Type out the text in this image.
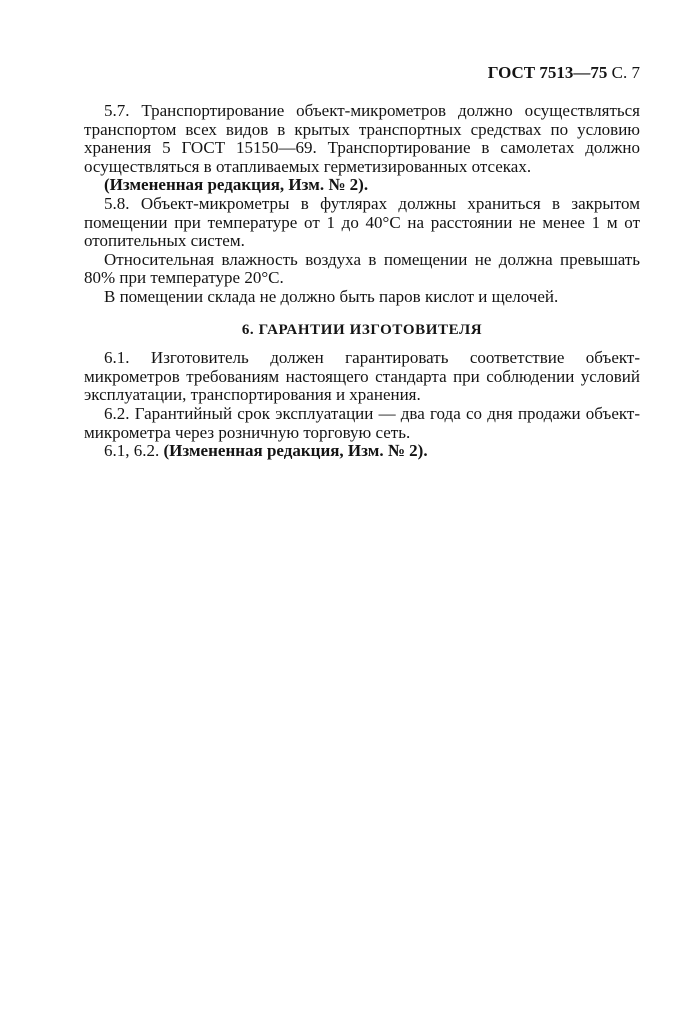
ГОСТ 7513—75 С. 7

5.7. Транспортирование объект-микрометров должно осуществляться транспортом всех видов в крытых транспортных средствах по условию хранения 5 ГОСТ 15150—69. Транспортирование в самолетах должно осуществляться в отапливаемых герметизированных отсеках.

(Измененная редакция, Изм. № 2).

5.8. Объект-микрометры в футлярах должны храниться в закрытом помещении при температуре от 1 до 40°С на расстоянии не менее 1 м от отопительных систем.

Относительная влажность воздуха в помещении не должна превышать 80% при температуре 20°С.

В помещении склада не должно быть паров кислот и щелочей.

6. ГАРАНТИИ ИЗГОТОВИТЕЛЯ

6.1. Изготовитель должен гарантировать соответствие объект-микрометров требованиям настоящего стандарта при соблюдении условий эксплуатации, транспортирования и хранения.

6.2. Гарантийный срок эксплуатации — два года со дня продажи объект-микрометра через розничную торговую сеть.

6.1, 6.2. (Измененная редакция, Изм. № 2).
